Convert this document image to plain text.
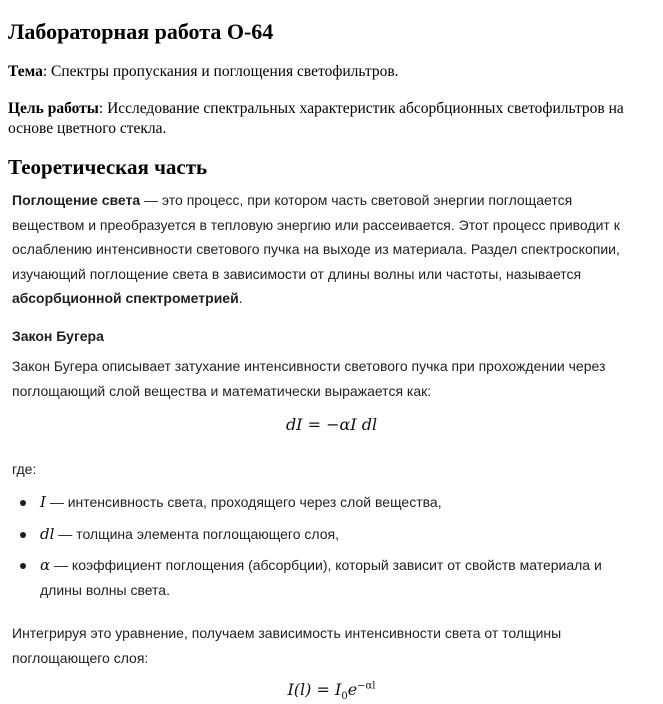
Лабораторная работа О-64

Тема: Спектры пропускания и поглощения светофильтров.

Цель работы: Исследование спектральных характеристик абсорбционных светофильтров на основе цветного стекла.

Теоретическая часть

Поглощение света — это процесс, при котором часть световой энергии поглощается веществом и преобразуется в тепловую энергию или рассеивается. Этот процесс приводит к ослаблению интенсивности светового пучка на выходе из материала. Раздел спектроскопии, изучающий поглощение света в зависимости от длины волны или частоты, называется абсорбционной спектрометрией.

Закон Бугера

Закон Бугера описывает затухание интенсивности светового пучка при прохождении через поглощающий слой вещества и математически выражается как:

dI = −αI dl

где:

I — интенсивность света, проходящего через слой вещества,
dl — толщина элемента поглощающего слоя,
α — коэффициент поглощения (абсорбции), который зависит от свойств материала и длины волны света.

Интегрируя это уравнение, получаем зависимость интенсивности света от толщины поглощающего слоя:

$I(l) = I_0e^{-\alpha l}$
